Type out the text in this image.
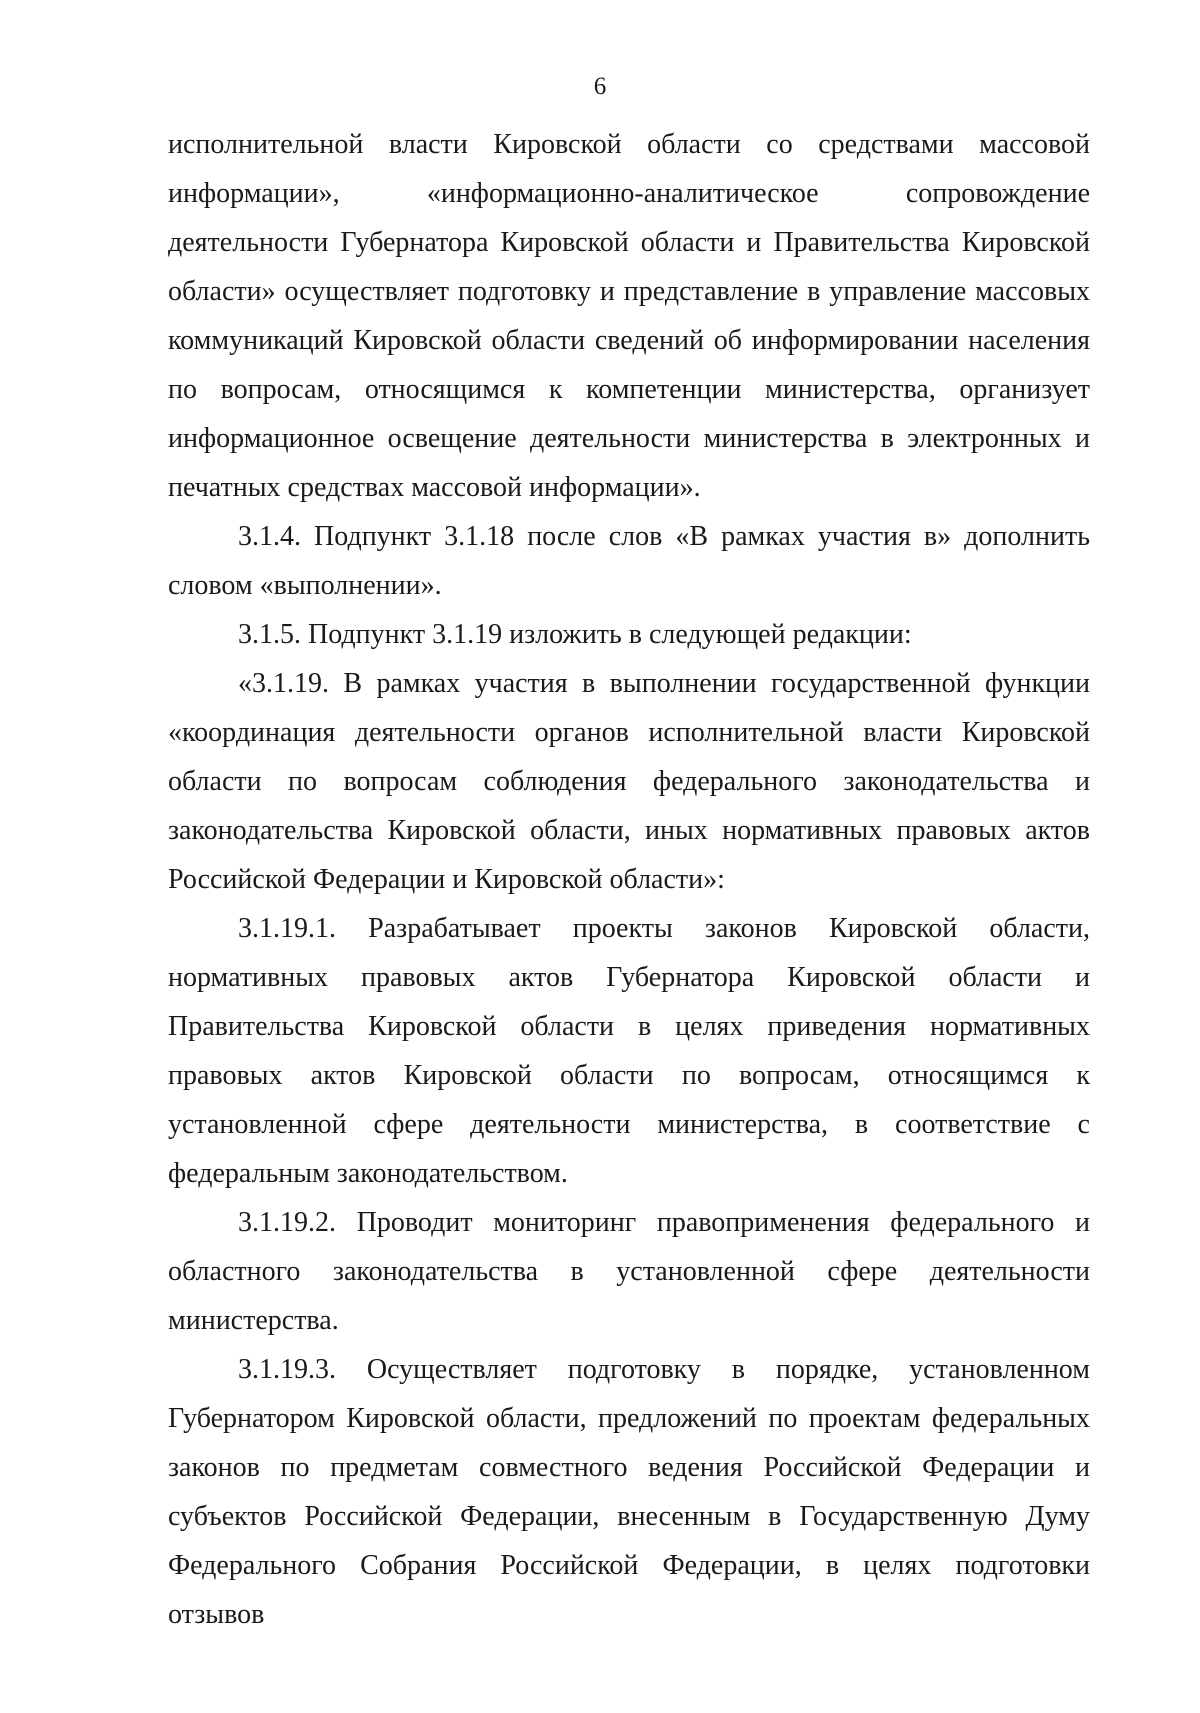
6

исполнительной власти Кировской области со средствами массовой информации», «информационно-аналитическое сопровождение деятельности Губернатора Кировской области и Правительства Кировской области» осуществляет подготовку и представление в управление массовых коммуникаций Кировской области сведений об информировании населения по вопросам, относящимся к компетенции министерства, организует информационное освещение деятельности министерства в электронных и печатных средствах массовой информации».

3.1.4. Подпункт 3.1.18 после слов «В рамках участия в» дополнить словом «выполнении».

3.1.5. Подпункт 3.1.19 изложить в следующей редакции:

«3.1.19. В рамках участия в выполнении государственной функции «координация деятельности органов исполнительной власти Кировской области по вопросам соблюдения федерального законодательства и законодательства Кировской области, иных нормативных правовых актов Российской Федерации и Кировской области»:

3.1.19.1. Разрабатывает проекты законов Кировской области, нормативных правовых актов Губернатора Кировской области и Правительства Кировской области в целях приведения нормативных правовых актов Кировской области по вопросам, относящимся к установленной сфере деятельности министерства, в соответствие с федеральным законодательством.

3.1.19.2. Проводит мониторинг правоприменения федерального и областного законодательства в установленной сфере деятельности министерства.

3.1.19.3. Осуществляет подготовку в порядке, установленном Губернатором Кировской области, предложений по проектам федеральных законов по предметам совместного ведения Российской Федерации и субъектов Российской Федерации, внесенным в Государственную Думу Федерального Собрания Российской Федерации, в целях подготовки отзывов
